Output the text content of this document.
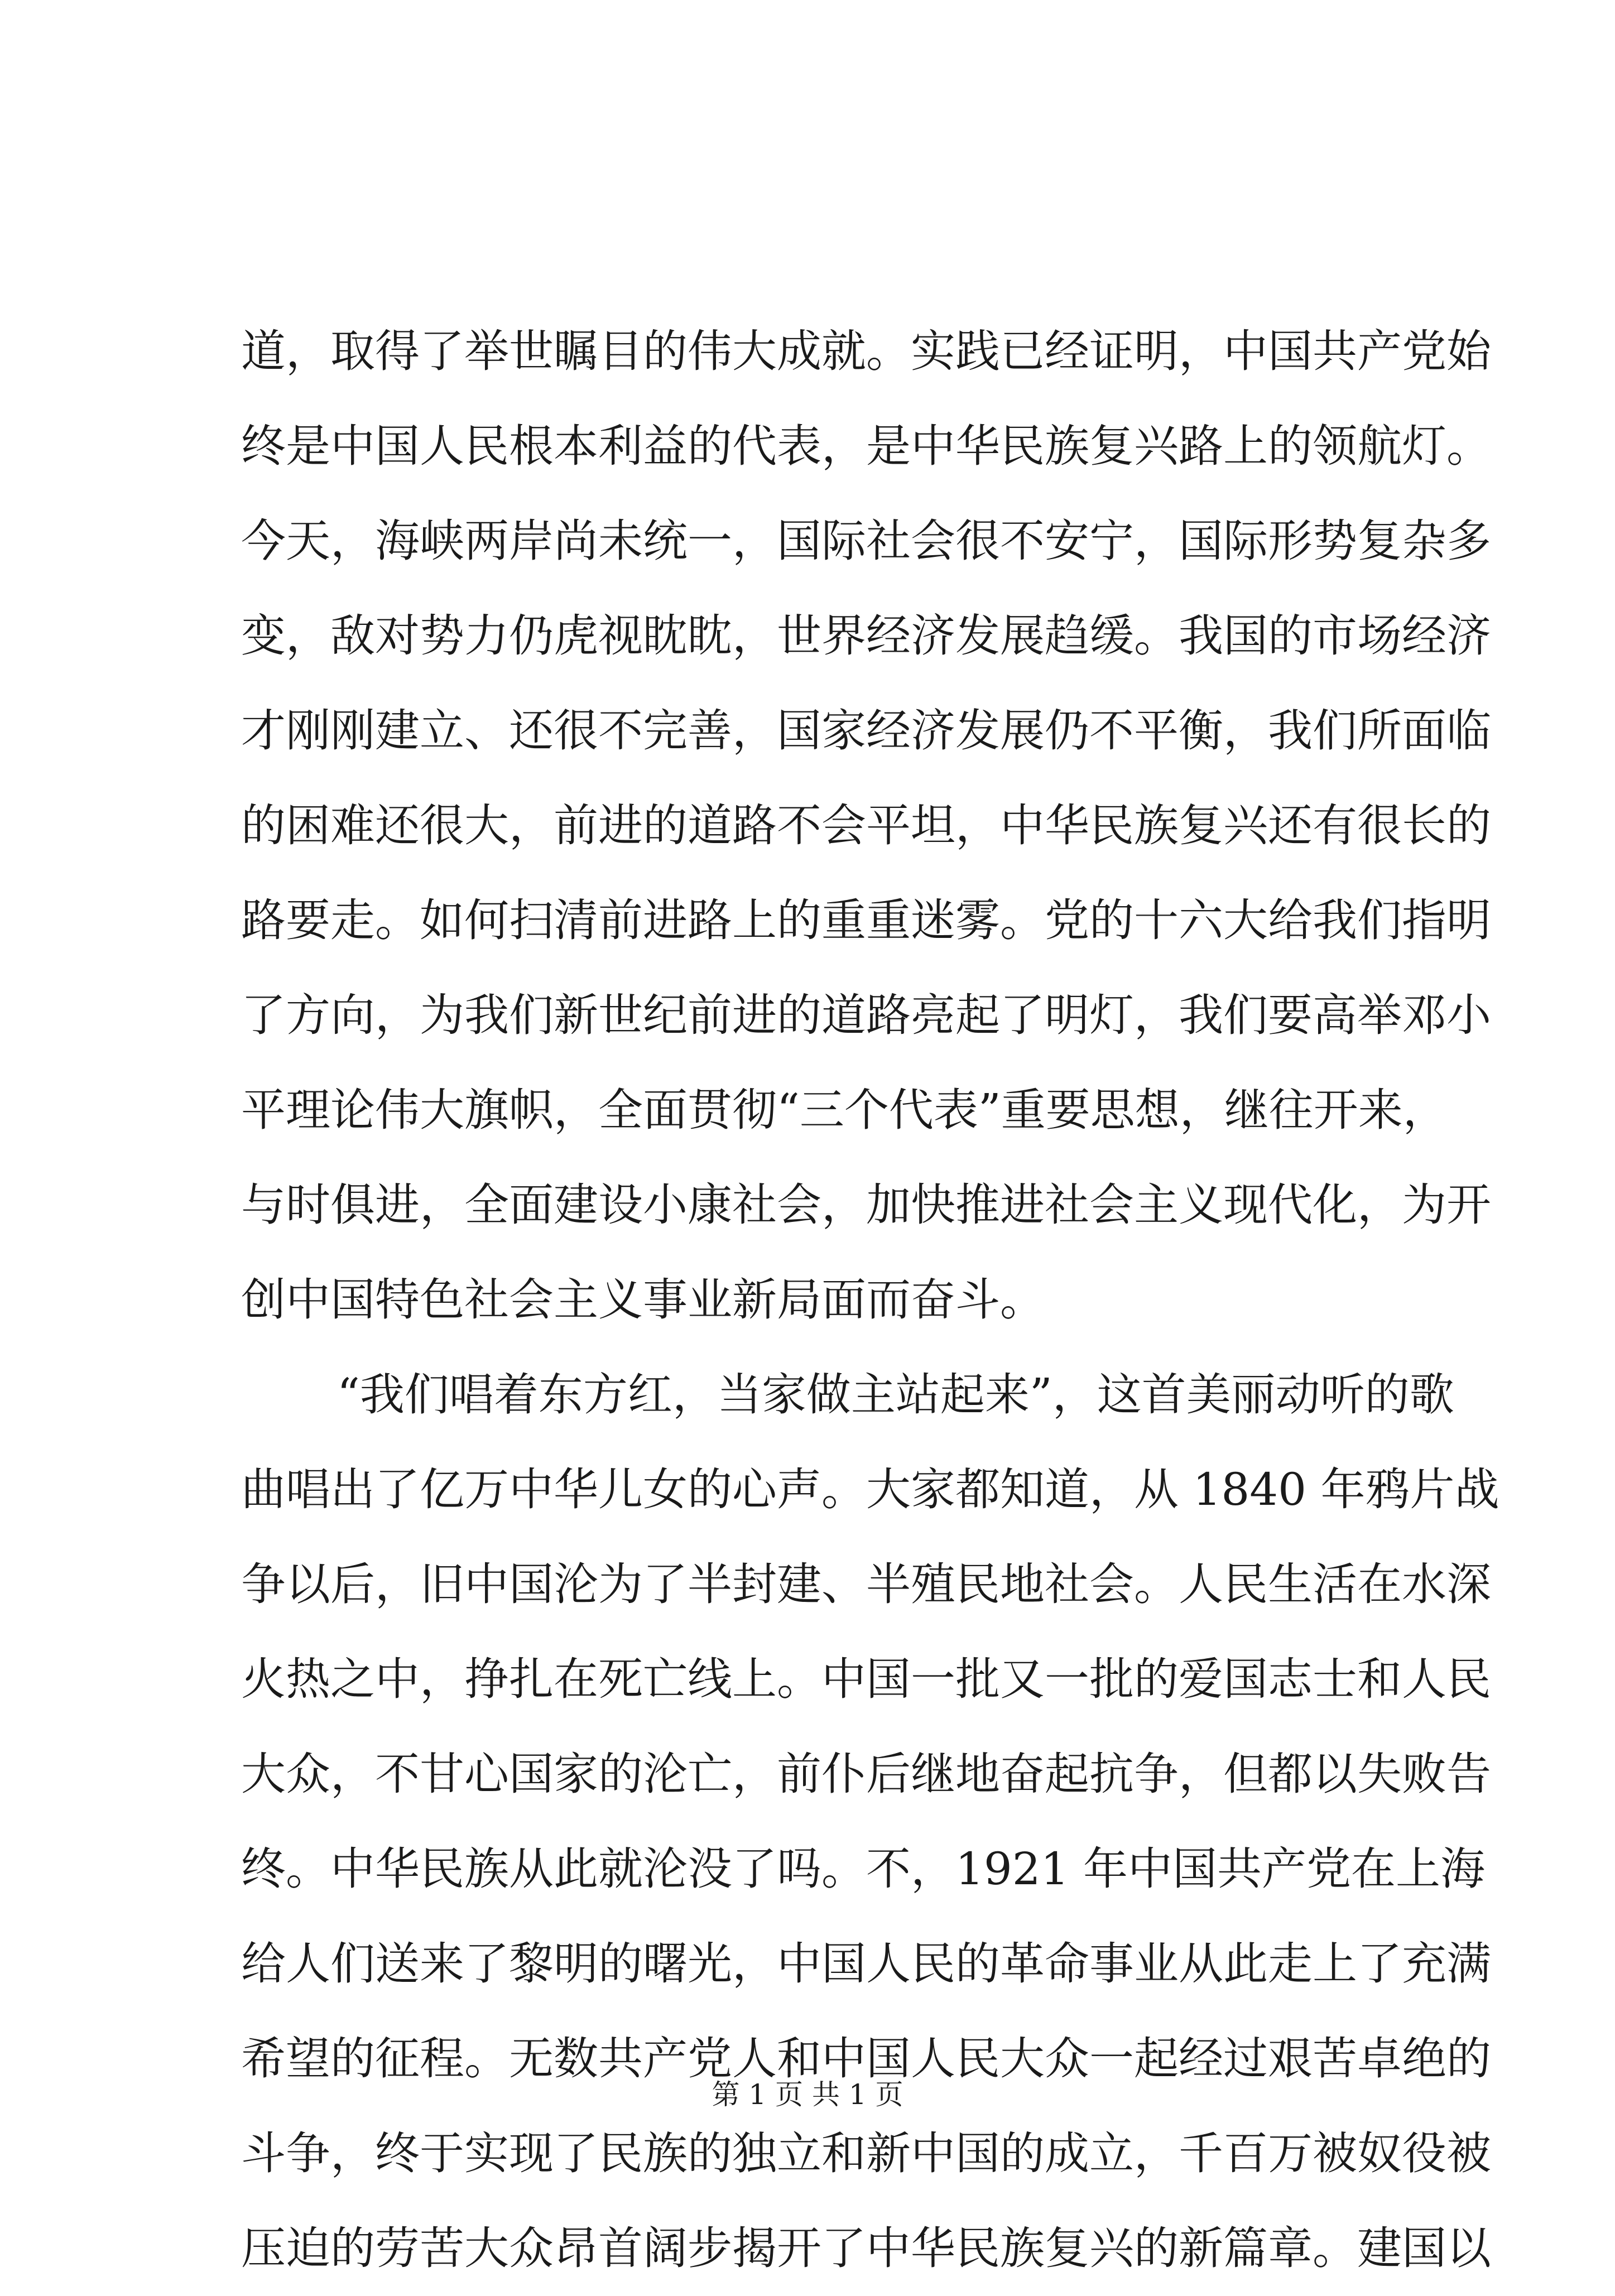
道，取得了举世瞩目的伟大成就。实践已经证明，中国共产党始
终是中国人民根本利益的代表，是中华民族复兴路上的领航灯。
今天，海峡两岸尚未统一，国际社会很不安宁，国际形势复杂多
变，敌对势力仍虎视眈眈，世界经济发展趋缓。我国的市场经济
才刚刚建立、还很不完善，国家经济发展仍不平衡，我们所面临
的困难还很大，前进的道路不会平坦，中华民族复兴还有很长的
路要走。如何扫清前进路上的重重迷雾。党的十六大给我们指明
了方向，为我们新世纪前进的道路亮起了明灯，我们要高举邓小
平理论伟大旗帜，全面贯彻“三个代表”重要思想，继往开来，
与时俱进，全面建设小康社会，加快推进社会主义现代化，为开
创中国特色社会主义事业新局面而奋斗。
“我们唱着东方红，当家做主站起来”，这首美丽动听的歌
曲唱出了亿万中华儿女的心声。大家都知道，从 1840 年鸦片战
争以后，旧中国沦为了半封建、半殖民地社会。人民生活在水深
火热之中，挣扎在死亡线上。中国一批又一批的爱国志士和人民
大众，不甘心国家的沦亡，前仆后继地奋起抗争，但都以失败告
终。中华民族从此就沦没了吗。不，1921 年中国共产党在上海
给人们送来了黎明的曙光，中国人民的革命事业从此走上了充满
希望的征程。无数共产党人和中国人民大众一起经过艰苦卓绝的
斗争，终于实现了民族的独立和新中国的成立，千百万被奴役被
压迫的劳苦大众昂首阔步揭开了中华民族复兴的新篇章。建国以
第 1 页 共 1 页
